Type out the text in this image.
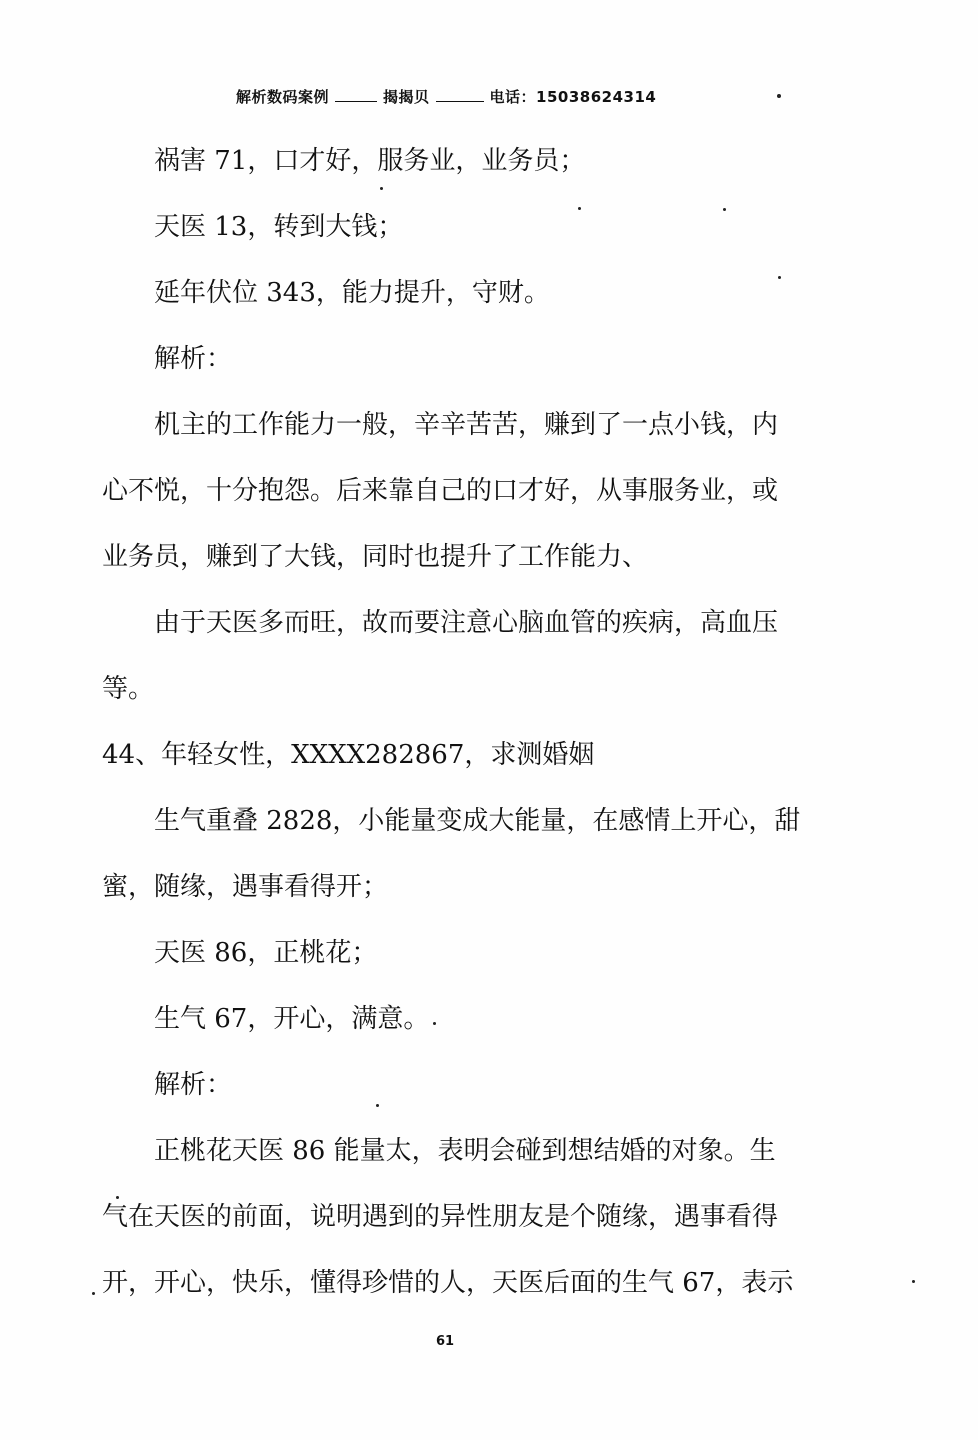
解析数码案例	揭揭贝	电话：15038624314
祸害 71，口才好，服务业，业务员；
天医 13，转到大钱；
延年伏位 343，能力提升，守财。
解析：
机主的工作能力一般，辛辛苦苦，赚到了一点小钱，内
心不悦，十分抱怨。后来靠自己的口才好，从事服务业，或
业务员，赚到了大钱，同时也提升了工作能力、
由于天医多而旺，故而要注意心脑血管的疾病，高血压
等。
44、年轻女性，XXXX282867，求测婚姻
生气重叠 2828，小能量变成大能量，在感情上开心，甜
蜜，随缘，遇事看得开；
天医 86，正桃花；
生气 67，开心，满意。
解析：
正桃花天医 86 能量太，表明会碰到想结婚的对象。生
气在天医的前面，说明遇到的异性朋友是个随缘，遇事看得
开，开心，快乐，懂得珍惜的人，天医后面的生气 67，表示
61
